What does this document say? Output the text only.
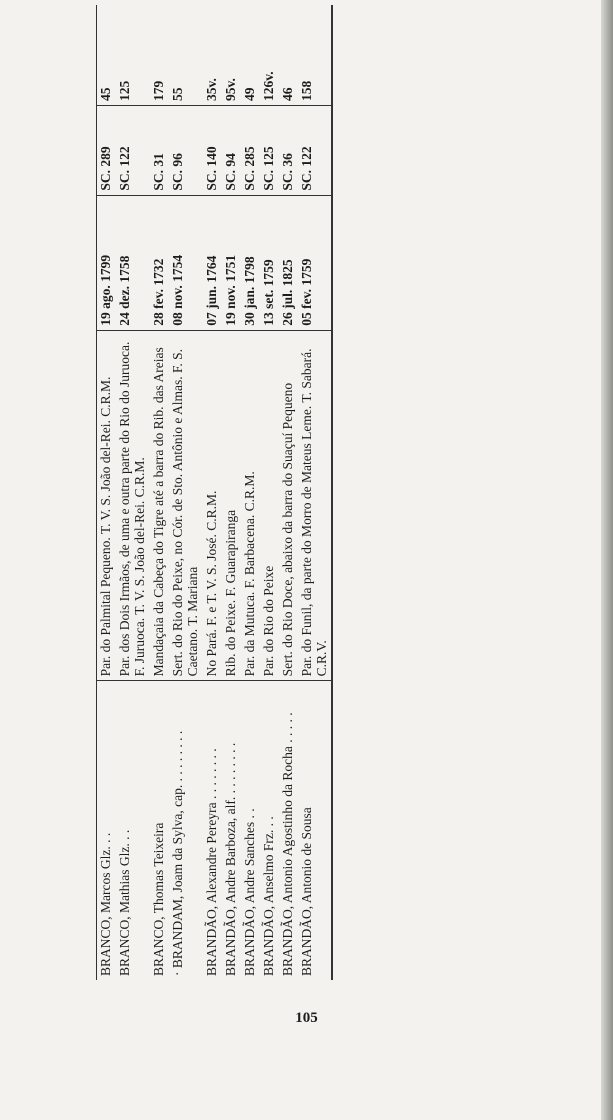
BRANCO, Marcos Glz. . .	Par. do Palmital Pequeno. T. V. S. João del-Rei. C.R.M.	19 ago. 1799	SC. 289	45
BRANCO, Mathias Glz. . .	Par. dos Dois Irmãos, de uma e outra parte do Rio do Juruoca. F. Juruoca. T. V. S. João del-Rei. C.R.M.	24 dez. 1758	SC. 122	125
BRANCO, Thomas Teixeira	Mandaçaia da Cabeça do Tigre até a barra do Rib. das Areias	28 fev. 1732	SC. 31	179
· BRANDAM, Joam da Sylva, cap. . . . . . . . .	Sert. do Rio do Peixe, no Cór. de Sto. Antônio e Almas. F. S. Caetano. T. Mariana	08 nov. 1754	SC. 96	55
BRANDÃO, Alexandre Pereyra . . . . . . . .	No Pará. F. e T. V. S. José. C.R.M.	07 jun. 1764	SC. 140	35v.
BRANDÃO, Andre Barboza, alf. . . . . . . . .	Rib. do Peixe. F. Guarapiranga	19 nov. 1751	SC. 94	95v.
BRANDÃO, Andre Sanches . .	Par. da Mutuca. F. Barbacena. C.R.M.	30 jan. 1798	SC. 285	49
BRANDÃO, Anselmo Frz. . .	Par. do Rio do Peixe	13 set. 1759	SC. 125	126v.
BRANDÃO, Antonio Agostinho da Rocha . . . . .	Sert. do Rio Doce, abaixo da barra do Suaçuí Pequeno	26 jul. 1825	SC. 36	46
BRANDÃO, Antonio de Sousa	Par. do Funil, da parte do Morro de Mateus Leme. T. Sabará. C.R.V.	05 fev. 1759	SC. 122	158
105
